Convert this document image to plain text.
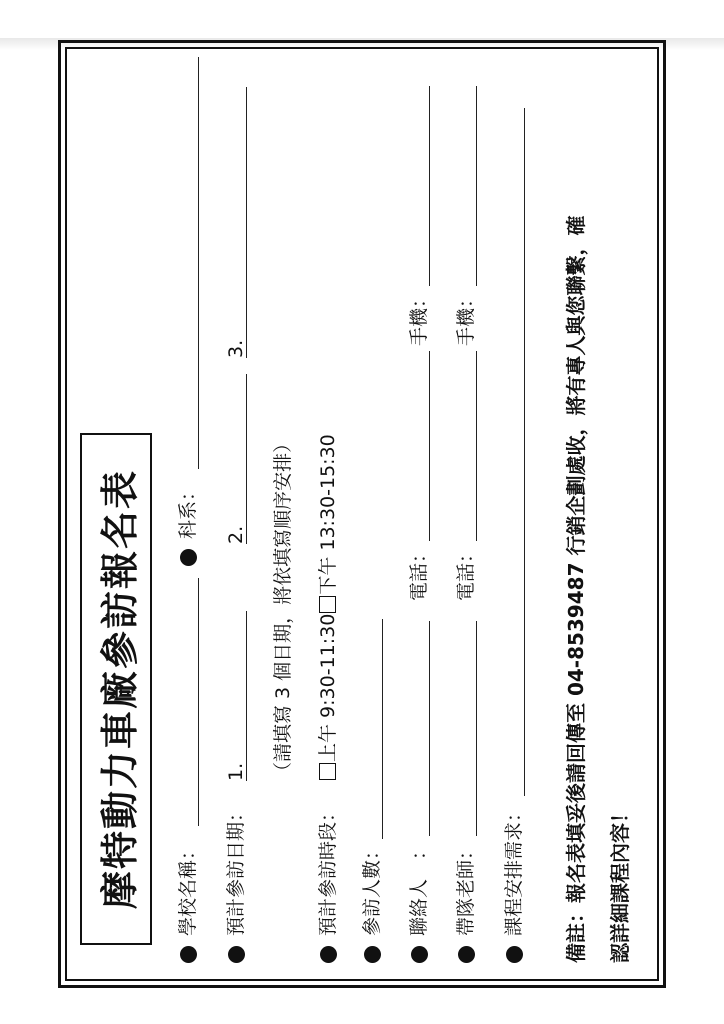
摩特動力車廠參訪報名表 學校名稱：
科系：
預計參訪日期：
1.
2.
3.
（請填寫 3 個日期，將依填寫順序安排）
預計參訪時段：
上午 9:30-11:30下午 13:30-15:30
參訪人數： 聯絡人　：
電話：
手機：
帶隊老師：
電話：
手機：
課程安排需求： 備註：報名表填妥後請回傳至 04-8539487 行銷企劃處收，將有專人與您聯繫，確 認詳細課程內容！
